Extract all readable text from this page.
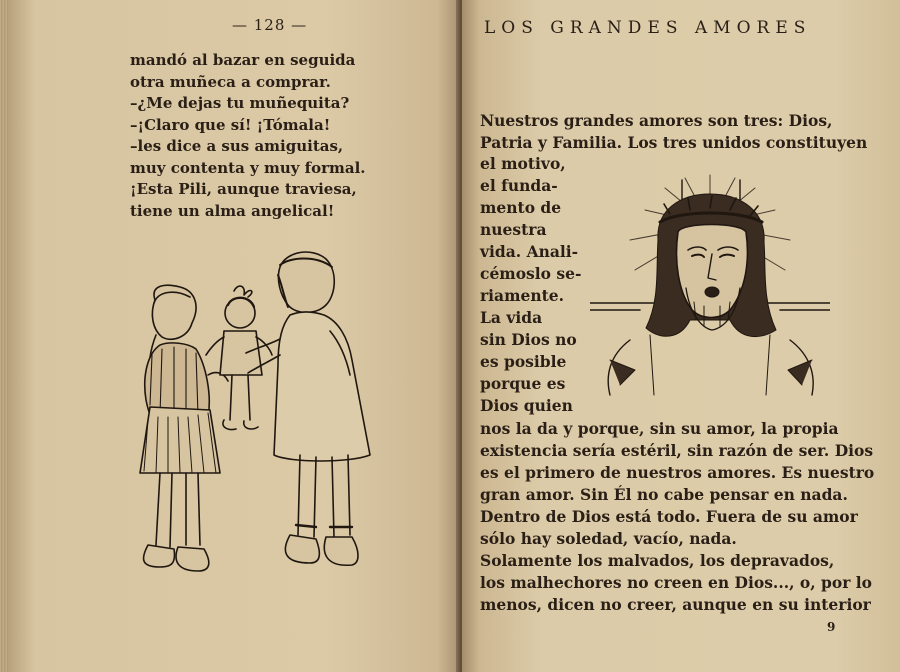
— 128 —
mandó al bazar en seguida
otra muñeca a comprar.
–¿Me dejas tu muñequita?
–¡Claro que sí! ¡Tómala!
–les dice a sus amiguitas,
muy contenta y muy formal.
¡Esta Pili, aunque traviesa,
tiene un alma angelical!
LOS GRANDES AMORES
Nuestros grandes amores son tres: Dios,
Patria y Familia. Los tres unidos constituyen
el motivo,
el funda-
mento de
nuestra
vida. Anali-
cémoslo se-
riamente.
La vida
sin Dios no
es posible
porque es
Dios quien
nos la da y porque, sin su amor, la propia
existencia sería estéril, sin razón de ser. Dios
es el primero de nuestros amores. Es nuestro
gran amor. Sin Él no cabe pensar en nada.
Dentro de Dios está todo. Fuera de su amor
sólo hay soledad, vacío, nada.
Solamente los malvados, los depravados,
los malhechores no creen en Dios..., o, por lo
menos, dicen no creer, aunque en su interior
9
